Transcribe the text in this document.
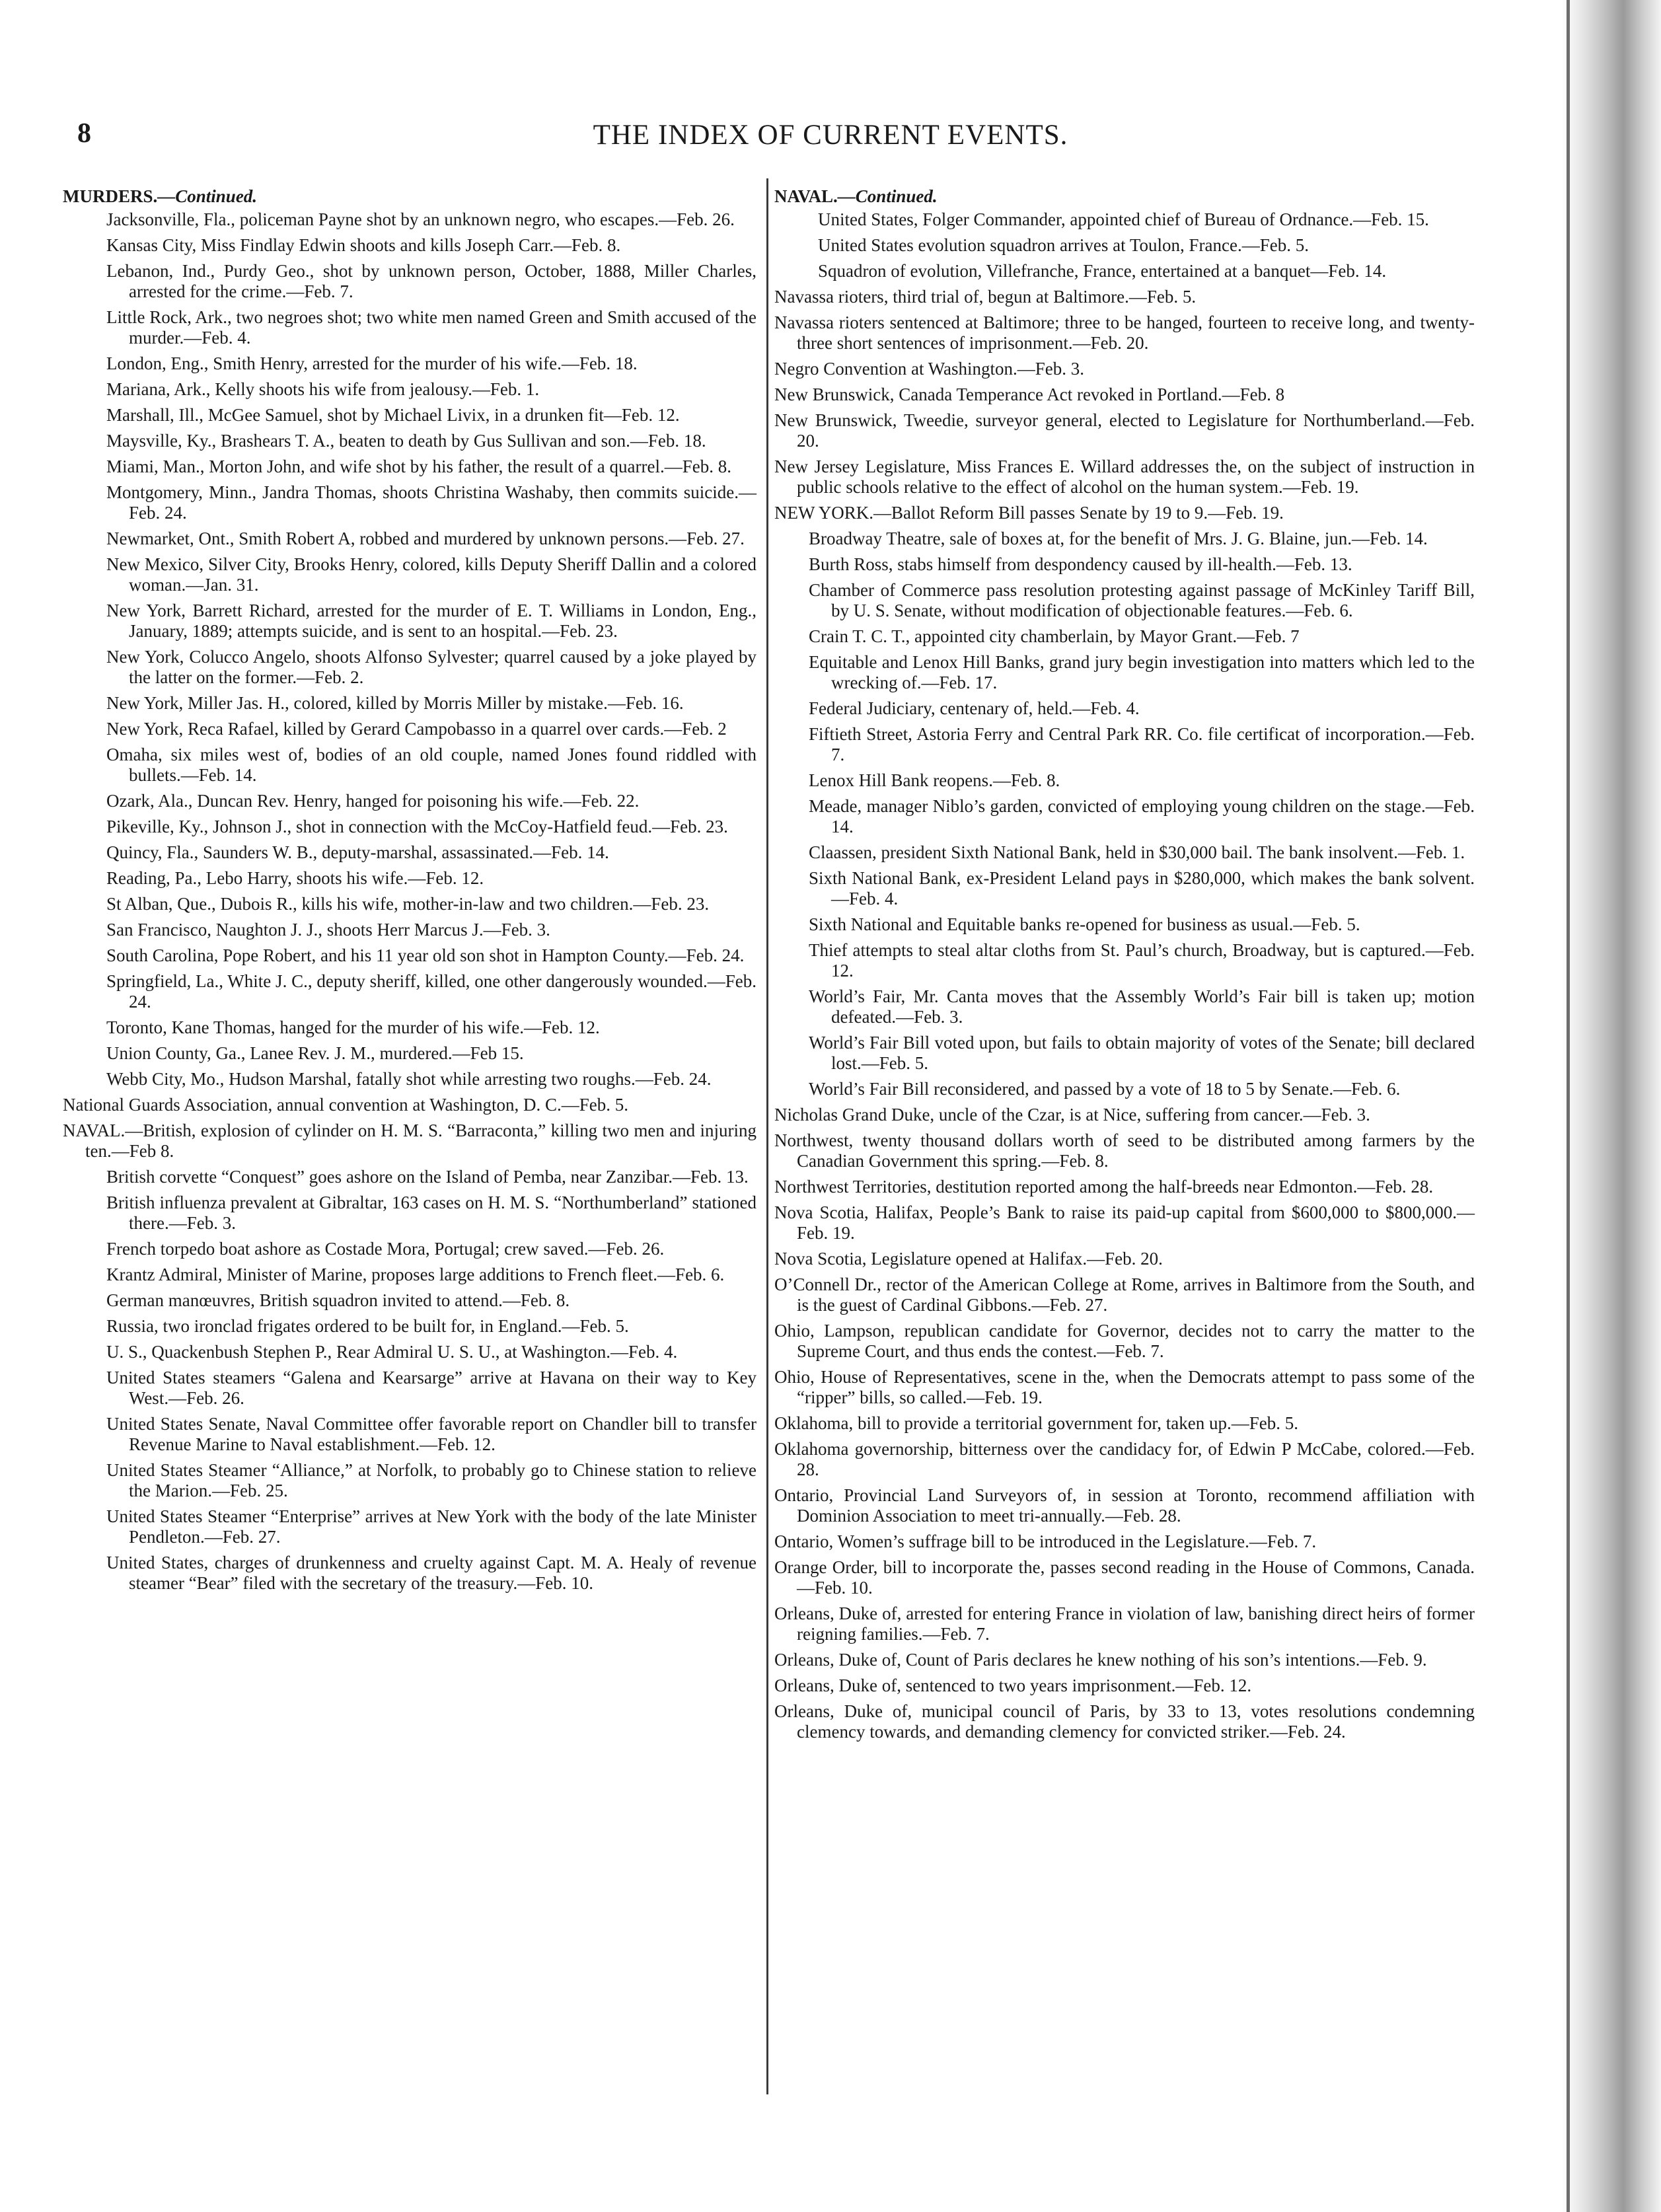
8	THE INDEX OF CURRENT EVENTS.
MURDERS.—Continued.
Jacksonville, Fla., policeman Payne shot by an unknown negro, who escapes.—Feb. 26.
Kansas City, Miss Findlay Edwin shoots and kills Joseph Carr.—Feb. 8.
Lebanon, Ind., Purdy Geo., shot by unknown person, October, 1888, Miller Charles, arrested for the crime.—Feb. 7.
Little Rock, Ark., two negroes shot; two white men named Green and Smith accused of the murder.—Feb. 4.
London, Eng., Smith Henry, arrested for the murder of his wife.—Feb. 18.
Mariana, Ark., Kelly shoots his wife from jealousy.—Feb. 1.
Marshall, Ill., McGee Samuel, shot by Michael Livix, in a drunken fit—Feb. 12.
Maysville, Ky., Brashears T. A., beaten to death by Gus Sullivan and son.—Feb. 18.
Miami, Man., Morton John, and wife shot by his father, the result of a quarrel.—Feb. 8.
Montgomery, Minn., Jandra Thomas, shoots Christina Washaby, then commits suicide.—Feb. 24.
Newmarket, Ont., Smith Robert A, robbed and murdered by unknown persons.—Feb. 27.
New Mexico, Silver City, Brooks Henry, colored, kills Deputy Sheriff Dallin and a colored woman.—Jan. 31.
New York, Barrett Richard, arrested for the murder of E. T. Williams in London, Eng., January, 1889; attempts suicide, and is sent to an hospital.—Feb. 23.
New York, Colucco Angelo, shoots Alfonso Sylvester; quarrel caused by a joke played by the latter on the former.—Feb. 2.
New York, Miller Jas. H., colored, killed by Morris Miller by mistake.—Feb. 16.
New York, Reca Rafael, killed by Gerard Campobasso in a quarrel over cards.—Feb. 2
Omaha, six miles west of, bodies of an old couple, named Jones found riddled with bullets.—Feb. 14.
Ozark, Ala., Duncan Rev. Henry, hanged for poisoning his wife.—Feb. 22.
Pikeville, Ky., Johnson J., shot in connection with the McCoy-Hatfield feud.—Feb. 23.
Quincy, Fla., Saunders W. B., deputy-marshal, assassinated.—Feb. 14.
Reading, Pa., Lebo Harry, shoots his wife.—Feb. 12.
St Alban, Que., Dubois R., kills his wife, mother-in-law and two children.—Feb. 23.
San Francisco, Naughton J. J., shoots Herr Marcus J.—Feb. 3.
South Carolina, Pope Robert, and his 11 year old son shot in Hampton County.—Feb. 24.
Springfield, La., White J. C., deputy sheriff, killed, one other dangerously wounded.—Feb. 24.
Toronto, Kane Thomas, hanged for the murder of his wife.—Feb. 12.
Union County, Ga., Lanee Rev. J. M., murdered.—Feb 15.
Webb City, Mo., Hudson Marshal, fatally shot while arresting two roughs.—Feb. 24.
National Guards Association, annual convention at Washington, D. C.—Feb. 5.
NAVAL.—British, explosion of cylinder on H. M. S. “Barraconta,” killing two men and injuring ten.—Feb 8.
British corvette “Conquest” goes ashore on the Island of Pemba, near Zanzibar.—Feb. 13.
British influenza prevalent at Gibraltar, 163 cases on H. M. S. “Northumberland” stationed there.—Feb. 3.
French torpedo boat ashore as Costade Mora, Portugal; crew saved.—Feb. 26.
Krantz Admiral, Minister of Marine, proposes large additions to French fleet.—Feb. 6.
German manœuvres, British squadron invited to attend.—Feb. 8.
Russia, two ironclad frigates ordered to be built for, in England.—Feb. 5.
U. S., Quackenbush Stephen P., Rear Admiral U. S. U., at Washington.—Feb. 4.
United States steamers “Galena and Kearsarge” arrive at Havana on their way to Key West.—Feb. 26.
United States Senate, Naval Committee offer favorable report on Chandler bill to transfer Revenue Marine to Naval establishment.—Feb. 12.
United States Steamer “Alliance,” at Norfolk, to probably go to Chinese station to relieve the Marion.—Feb. 25.
United States Steamer “Enterprise” arrives at New York with the body of the late Minister Pendleton.—Feb. 27.
United States, charges of drunkenness and cruelty against Capt. M. A. Healy of revenue steamer “Bear” filed with the secretary of the treasury.—Feb. 10.
NAVAL.—Continued.
United States, Folger Commander, appointed chief of Bureau of Ordnance.—Feb. 15.
United States evolution squadron arrives at Toulon, France.—Feb. 5.
Squadron of evolution, Villefranche, France, entertained at a banquet—Feb. 14.
Navassa rioters, third trial of, begun at Baltimore.—Feb. 5.
Navassa rioters sentenced at Baltimore; three to be hanged, fourteen to receive long, and twenty-three short sentences of imprisonment.—Feb. 20.
Negro Convention at Washington.—Feb. 3.
New Brunswick, Canada Temperance Act revoked in Portland.—Feb. 8
New Brunswick, Tweedie, surveyor general, elected to Legislature for Northumberland.—Feb. 20.
New Jersey Legislature, Miss Frances E. Willard addresses the, on the subject of instruction in public schools relative to the effect of alcohol on the human system.—Feb. 19.
NEW YORK.—Ballot Reform Bill passes Senate by 19 to 9.—Feb. 19.
Broadway Theatre, sale of boxes at, for the benefit of Mrs. J. G. Blaine, jun.—Feb. 14.
Burth Ross, stabs himself from despondency caused by ill-health.—Feb. 13.
Chamber of Commerce pass resolution protesting against passage of McKinley Tariff Bill, by U. S. Senate, without modification of objectionable features.—Feb. 6.
Crain T. C. T., appointed city chamberlain, by Mayor Grant.—Feb. 7
Equitable and Lenox Hill Banks, grand jury begin investigation into matters which led to the wrecking of.—Feb. 17.
Federal Judiciary, centenary of, held.—Feb. 4.
Fiftieth Street, Astoria Ferry and Central Park RR. Co. file certificat of incorporation.—Feb. 7.
Lenox Hill Bank reopens.—Feb. 8.
Meade, manager Niblo’s garden, convicted of employing young children on the stage.—Feb. 14.
Claassen, president Sixth National Bank, held in $30,000 bail. The bank insolvent.—Feb. 1.
Sixth National Bank, ex-President Leland pays in $280,000, which makes the bank solvent.—Feb. 4.
Sixth National and Equitable banks re-opened for business as usual.—Feb. 5.
Thief attempts to steal altar cloths from St. Paul’s church, Broadway, but is captured.—Feb. 12.
World’s Fair, Mr. Canta moves that the Assembly World’s Fair bill is taken up; motion defeated.—Feb. 3.
World’s Fair Bill voted upon, but fails to obtain majority of votes of the Senate; bill declared lost.—Feb. 5.
World’s Fair Bill reconsidered, and passed by a vote of 18 to 5 by Senate.—Feb. 6.
Nicholas Grand Duke, uncle of the Czar, is at Nice, suffering from cancer.—Feb. 3.
Northwest, twenty thousand dollars worth of seed to be distributed among farmers by the Canadian Government this spring.—Feb. 8.
Northwest Territories, destitution reported among the half-breeds near Edmonton.—Feb. 28.
Nova Scotia, Halifax, People’s Bank to raise its paid-up capital from $600,000 to $800,000.—Feb. 19.
Nova Scotia, Legislature opened at Halifax.—Feb. 20.
O’Connell Dr., rector of the American College at Rome, arrives in Baltimore from the South, and is the guest of Cardinal Gibbons.—Feb. 27.
Ohio, Lampson, republican candidate for Governor, decides not to carry the matter to the Supreme Court, and thus ends the contest.—Feb. 7.
Ohio, House of Representatives, scene in the, when the Democrats attempt to pass some of the “ripper” bills, so called.—Feb. 19.
Oklahoma, bill to provide a territorial government for, taken up.—Feb. 5.
Oklahoma governorship, bitterness over the candidacy for, of Edwin P McCabe, colored.—Feb. 28.
Ontario, Provincial Land Surveyors of, in session at Toronto, recommend affiliation with Dominion Association to meet tri-annually.—Feb. 28.
Ontario, Women’s suffrage bill to be introduced in the Legislature.—Feb. 7.
Orange Order, bill to incorporate the, passes second reading in the House of Commons, Canada.—Feb. 10.
Orleans, Duke of, arrested for entering France in violation of law, banishing direct heirs of former reigning families.—Feb. 7.
Orleans, Duke of, Count of Paris declares he knew nothing of his son’s intentions.—Feb. 9.
Orleans, Duke of, sentenced to two years imprisonment.—Feb. 12.
Orleans, Duke of, municipal council of Paris, by 33 to 13, votes resolutions condemning clemency towards, and demanding clemency for convicted striker.—Feb. 24.
